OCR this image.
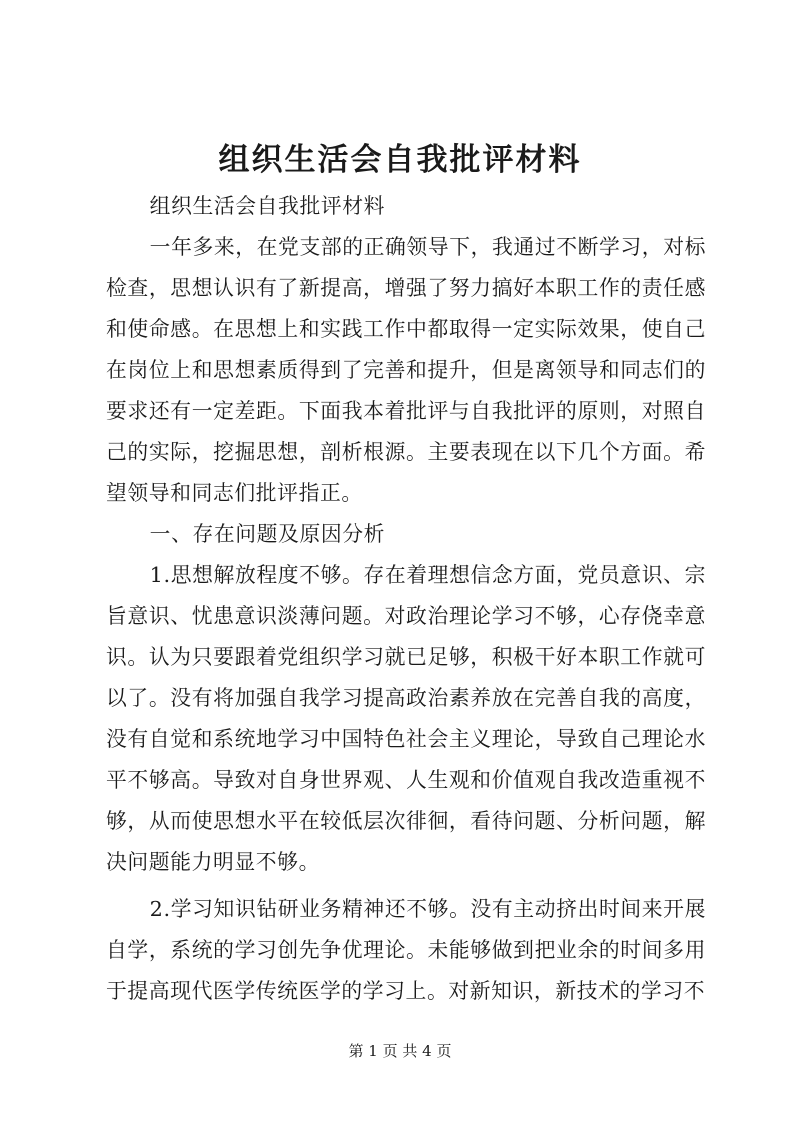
组织生活会自我批评材料

组织生活会自我批评材料

一年多来，在党支部的正确领导下，我通过不断学习，对标检查，思想认识有了新提高，增强了努力搞好本职工作的责任感和使命感。在思想上和实践工作中都取得一定实际效果，使自己在岗位上和思想素质得到了完善和提升，但是离领导和同志们的要求还有一定差距。下面我本着批评与自我批评的原则，对照自己的实际，挖掘思想，剖析根源。主要表现在以下几个方面。希望领导和同志们批评指正。

一、存在问题及原因分析

1.思想解放程度不够。存在着理想信念方面，党员意识、宗旨意识、忧患意识淡薄问题。对政治理论学习不够，心存侥幸意识。认为只要跟着党组织学习就已足够，积极干好本职工作就可以了。没有将加强自我学习提高政治素养放在完善自我的高度，没有自觉和系统地学习中国特色社会主义理论，导致自己理论水平不够高。导致对自身世界观、人生观和价值观自我改造重视不够，从而使思想水平在较低层次徘徊，看待问题、分析问题，解决问题能力明显不够。

2.学习知识钻研业务精神还不够。没有主动挤出时间来开展自学，系统的学习创先争优理论。未能够做到把业余的时间多用于提高现代医学传统医学的学习上。对新知识，新技术的学习不

第 1 页 共 4 页
